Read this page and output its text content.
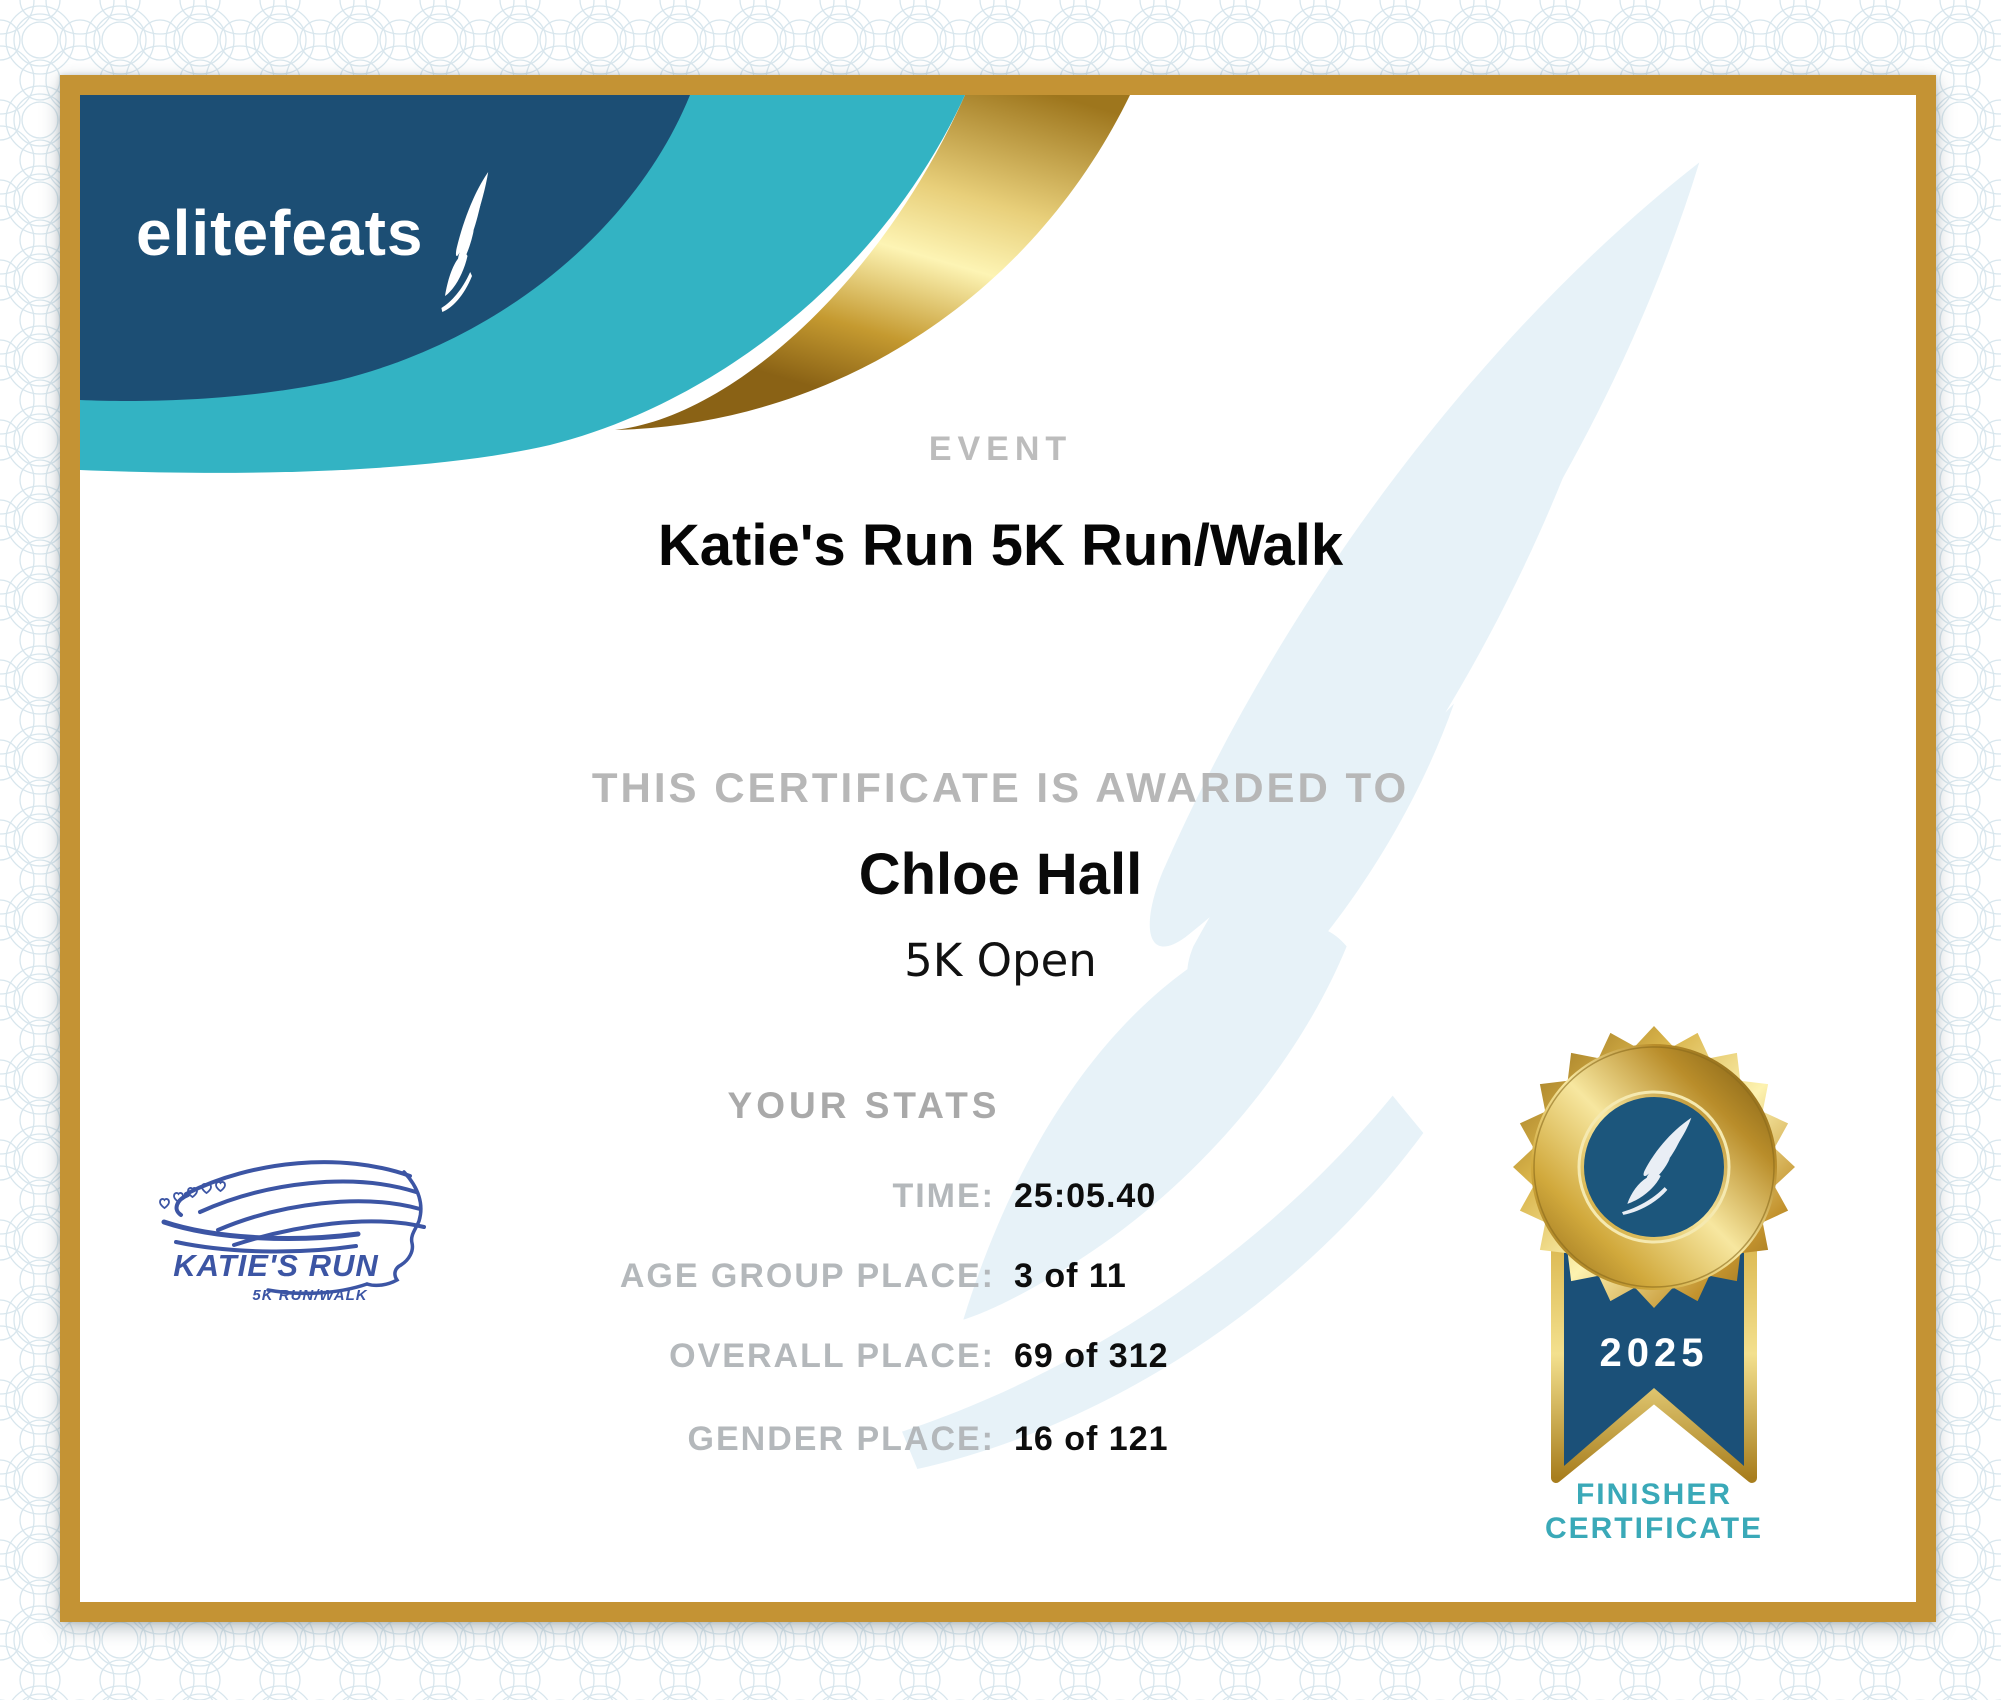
elitefeats
EVENT
Katie's Run 5K Run/Walk
THIS CERTIFICATE IS AWARDED TO
Chloe Hall
5K Open
YOUR STATS
TIME: 25:05.40
AGE GROUP PLACE: 3 of 11
OVERALL PLACE: 69 of 312
GENDER PLACE: 16 of 121
KATIE'S RUN
5K RUN/WALK
2025
FINISHER
CERTIFICATE
